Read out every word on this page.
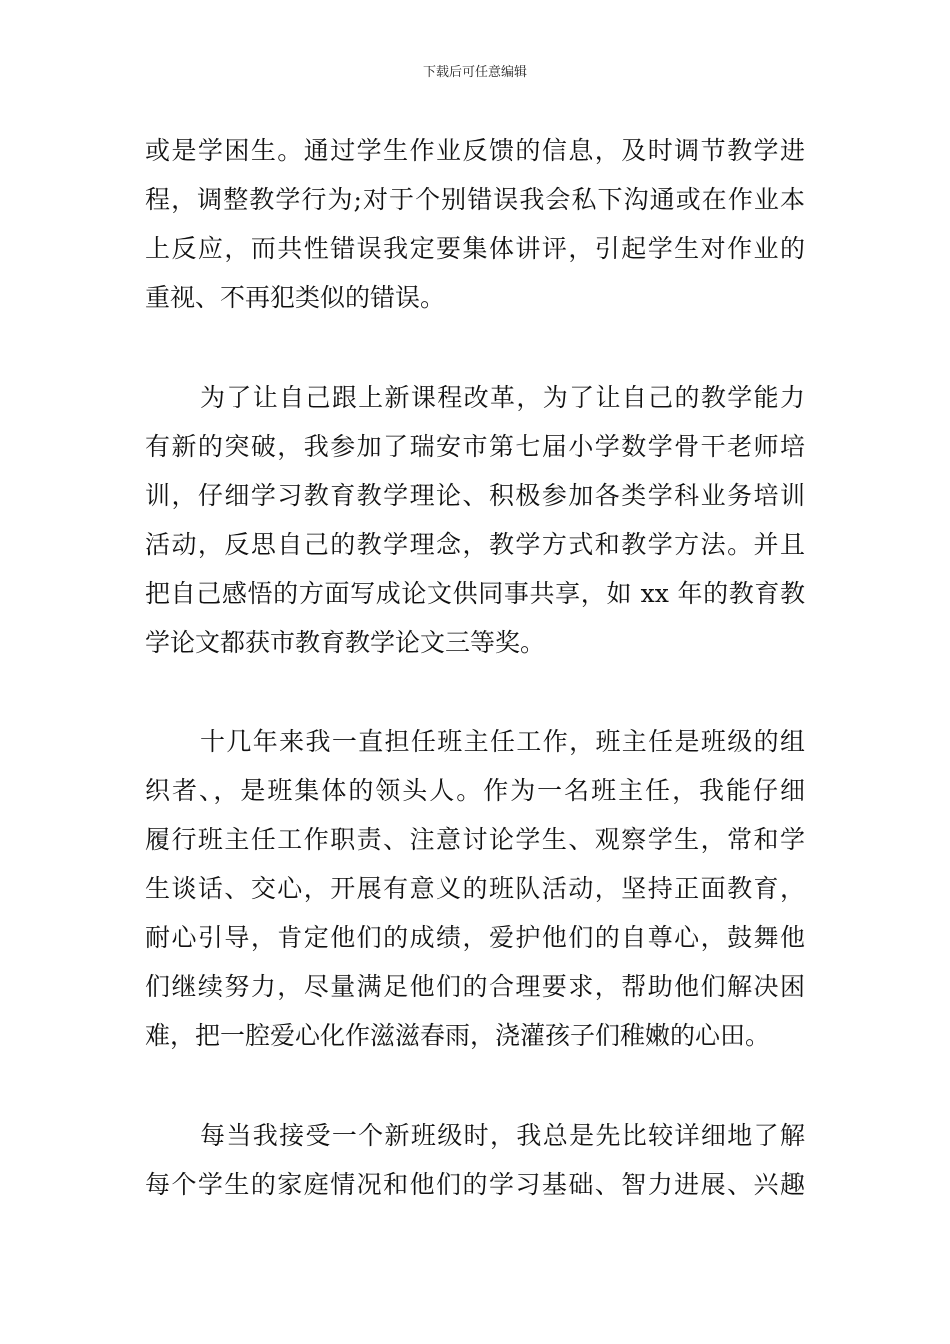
下载后可任意编辑
或是学困生。通过学生作业反馈的信息，及时调节教学进
程，调整教学行为;对于个别错误我会私下沟通或在作业本
上反应，而共性错误我定要集体讲评，引起学生对作业的
重视、不再犯类似的错误。
为了让自己跟上新课程改革，为了让自己的教学能力
有新的突破，我参加了瑞安市第七届小学数学骨干老师培
训，仔细学习教育教学理论、积极参加各类学科业务培训
活动，反思自己的教学理念，教学方式和教学方法。并且
把自己感悟的方面写成论文供同事共享，如 xx 年的教育教
学论文都获市教育教学论文三等奖。
十几年来我一直担任班主任工作，班主任是班级的组
织者、，是班集体的领头人。作为一名班主任，我能仔细
履行班主任工作职责、注意讨论学生、观察学生，常和学
生谈话、交心，开展有意义的班队活动，坚持正面教育，
耐心引导，肯定他们的成绩，爱护他们的自尊心，鼓舞他
们继续努力，尽量满足他们的合理要求，帮助他们解决困
难，把一腔爱心化作滋滋春雨，浇灌孩子们稚嫩的心田。
每当我接受一个新班级时，我总是先比较详细地了解
每个学生的家庭情况和他们的学习基础、智力进展、兴趣
